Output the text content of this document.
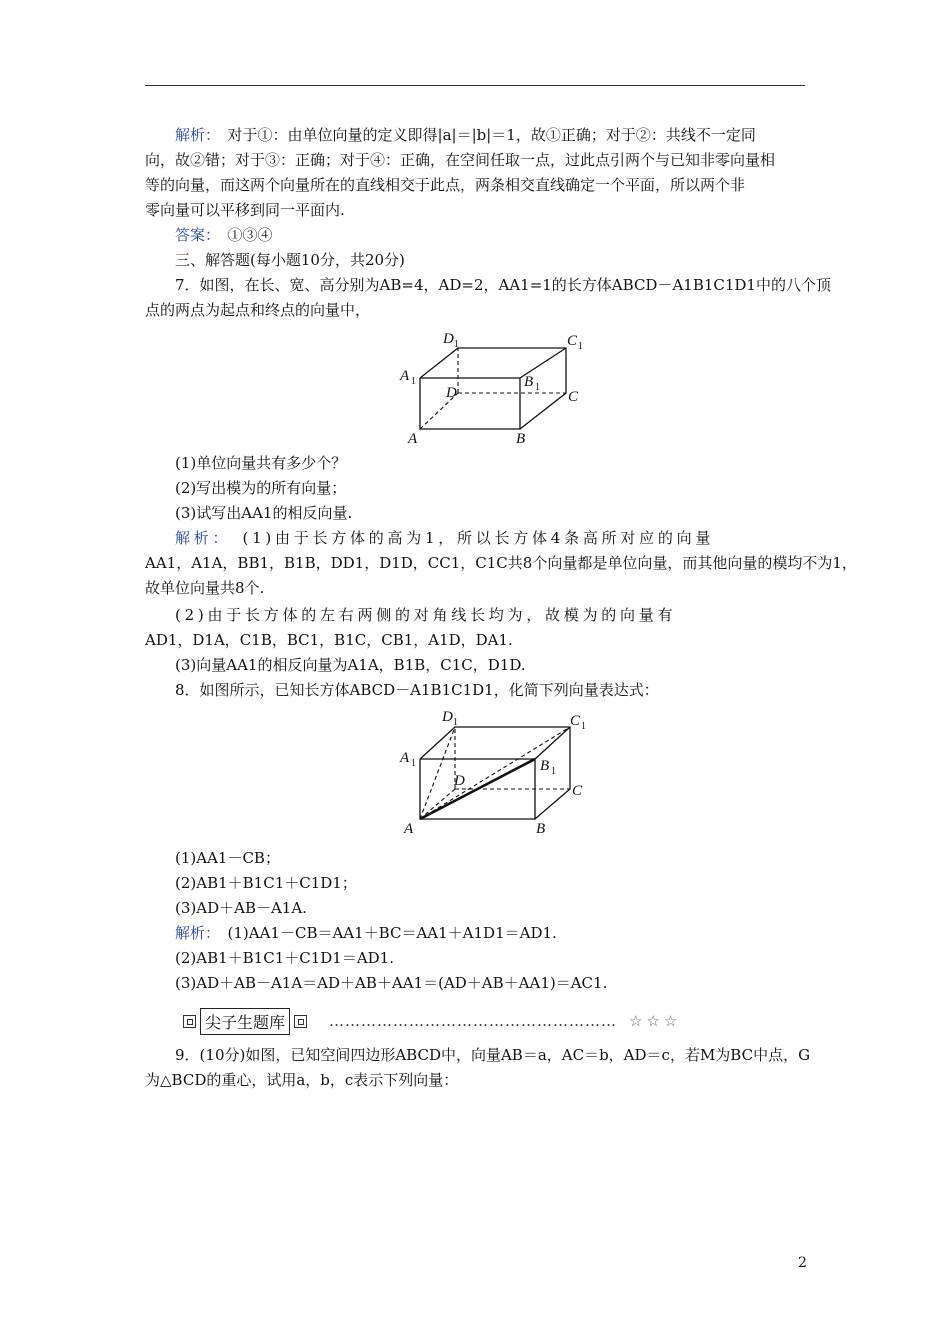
解析：　对于①：由单位向量的定义即得|a|＝|b|＝1，故①正确；对于②：共线不一定同
向，故②错；对于③：正确；对于④：正确，在空间任取一点，过此点引两个与已知非零向量相
等的向量，而这两个向量所在的直线相交于此点，两条相交直线确定一个平面，所以两个非
零向量可以平移到同一平面内.
答案：　①③④
三、解答题(每小题10分，共20分)
7．如图，在长、宽、高分别为AB=4，AD=2，AA1=1的长方体ABCD－A1B1C1D1中的八个顶
点的两点为起点和终点的向量中，
D 1	C 1
A 1
D
B 1
C
A	B
(1)单位向量共有多少个？
(2)写出模为的所有向量；
(3)试写出AA1的相反向量.
解析：　(1)由于长方体的高为1，所以长方体4条高所对应的向量
AA1，A1A，BB1，B1B，DD1，D1D，CC1，C1C共8个向量都是单位向量，而其他向量的模均不为1，
故单位向量共8个.
(2)由于长方体的左右两侧的对角线长均为，故模为的向量有
AD1，D1A，C1B，BC1，B1C，CB1，A1D，DA1.
(3)向量AA1的相反向量为A1A，B1B，C1C，D1D.
8．如图所示，已知长方体ABCD－A1B1C1D1，化简下列向量表达式：
D 1	C 1
A 1
D
B 1
C
A	B
(1)AA1－CB；
(2)AB1＋B1C1＋C1D1；
(3)AD＋AB－A1A.
解析：　(1)AA1－CB＝AA1＋BC＝AA1＋A1D1＝AD1.
(2)AB1＋B1C1＋C1D1＝AD1.
(3)AD＋AB－A1A＝AD＋AB＋AA1＝(AD＋AB＋AA1)＝AC1.
尖子生题库	……………………………………………… ☆☆☆
9．(10分)如图，已知空间四边形ABCD中，向量AB＝a，AC＝b，AD＝c，若M为BC中点，G
为△BCD的重心，试用a，b，c表示下列向量：
2
